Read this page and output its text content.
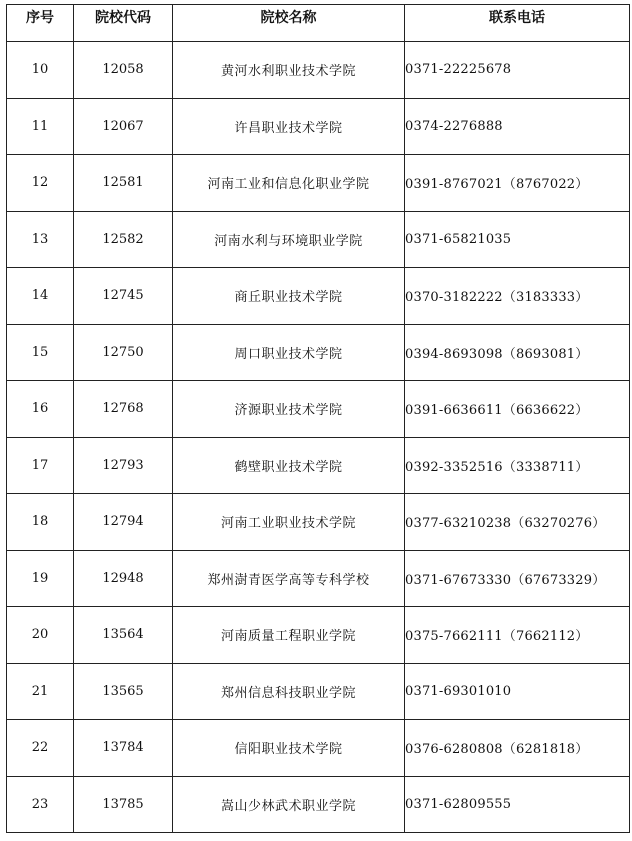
序号	院校代码	院校名称	联系电话
10	12058	黄河水利职业技术学院	0371-22225678
11	12067	许昌职业技术学院	0374-2276888
12	12581	河南工业和信息化职业学院	0391-8767021（8767022）
13	12582	河南水利与环境职业学院	0371-65821035
14	12745	商丘职业技术学院	0370-3182222（3183333）
15	12750	周口职业技术学院	0394-8693098（8693081）
16	12768	济源职业技术学院	0391-6636611（6636622）
17	12793	鹤壁职业技术学院	0392-3352516（3338711）
18	12794	河南工业职业技术学院	0377-63210238（63270276）
19	12948	郑州澍青医学高等专科学校	0371-67673330（67673329）
20	13564	河南质量工程职业学院	0375-7662111（7662112）
21	13565	郑州信息科技职业学院	0371-69301010
22	13784	信阳职业技术学院	0376-6280808（6281818）
23	13785	嵩山少林武术职业学院	0371-62809555
